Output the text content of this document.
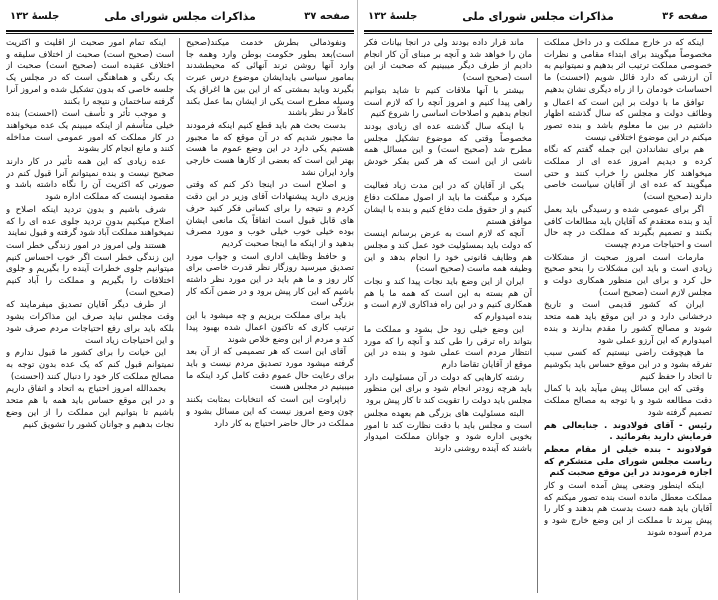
صفحه ۳۷
مذاکرات مجلس شورای ملی
جلسهٔ ۱۳۲

ونفوذمالی بطرش خدمت میکند(صحیح است)بعد بطور حکومت بوطن وارد وهمه جا وارد آنها روشن ترند آنهائی که محیطشدند بمامور سیاسی بایدایشان موضوع درس عبرت بگیرند وباید بمشتی که از این بین ها اغراق یک وسیله مطرح است یکی از ایشان بما عمل بکند کاملاً در نظر باشند

بدست بحث هم باید قطع کنیم اینکه فرمودند ما مجبور شدیم که در آن موقع که ما مجبور هستیم یکی دارد در این وضع عموم ما هست بهتر این است که بعضی از کارها هست خارجی وارد ایران نشد

و اصلاح است در اینجا ذکر کنم که وقتی وزیری دارید پیشنهادات آقای وزیر در این دقت کردم و نتیجه را برای کسانی فکر کنید حرف های قابل قبول است اتفاقاً یک مانعی ایشان بوده خیلی خوب خیلی خوب و مورد مصرف بدهید و از اینکه ما اینجا صحبت کردیم

و حافظ وظایف اداری است و جواب مورد تصدیق میرسید روزگار نظر قدرت خاصی برای کار روز و ما هم باید در این مورد نظر داشته باشیم که این کار پیش برود و در ضمن آنکه کار بزرگی است

باید برای مملکت بریزیم و چه میشود با این ترتیب کاری که تاکنون اعمال شده بهبود پیدا کند و مردم از این وضع خلاص شوند

آقای این است که هر تصمیمی که از آن بعد گرفته میشود مورد تصدیق مردم نیست و باید برای رعایت حال عموم دقت کامل کرد اینکه ما میبینیم در مجلس هست

زاپراوت این است که انتخابات بمثابت بکنند چون وضع امروز نیست که این مسائل بشود و مملکت در حال حاضر احتیاج به کار دارد

اینکه تمام امور صحبت از اقلیت و اکثریت است (صحیح است) صحبت از اختلاف سلیقه و اختلاف عقیده است (صحیح است) صحبت از یک رنگی و هماهنگی است که در مجلس یک جلسه خاصی که بدون تشکیل شده و امروز آنرا گرفته ساختمان و نتیجه را بکنند

و موجب تأثر و تأسف است (احسنت) بنده خیلی متأسفم از اینکه میبینم یک عده میخواهند در کار مملکت که امور عمومی است مداخله کنند و مانع انجام کار بشوند

عده زیادی که این همه تأثیر در کار دارند صحیح نیست و بنده نمیتوانم آنرا قبول کنم در صورتی که اکثریت آن را نگاه داشته باشد و مقصود اینست که مملکت اداره شود

شرف باشیم و بدون تردید اینکه اصلاح و اصلاح میکنیم بدون تردید جلوی عده ای را که نمیخواهند مملکت آباد شود گرفته و قبول نمایند

هستند ولی امروز در امور زندگی خطر است این زندگی خطر است اگر خوب احساس کنیم میتوانیم جلوی خطرات آینده را بگیریم و جلوی اختلافات را بگیریم و مملکت را آباد کنیم (صحیح است)

از طرف دیگر آقایان تصدیق میفرمایند که وقت مجلس نباید صرف این مذاکرات بشود بلکه باید برای رفع احتیاجات مردم صرف شود و این احتیاجات زیاد است

این خیانت را برای کشور ما قبول ندارم و نمیتوانم قبول کنم که یک عده بدون توجه به مصالح مملکت کار خود را دنبال کنند (احسنت)

بحمدالله امروز احتیاج به اتحاد و اتفاق داریم و در این موقع حساس باید همه با هم متحد باشیم تا بتوانیم این مملکت را از این وضع نجات بدهیم و جوانان کشور را تشویق کنیم

صفحه ۳۶
مذاکرات مجلس شورای ملی
جلسهٔ ۱۳۲

اینکه که در خارج مملکت و در داخل مملکت مخصوصاً میگویند برای ابتداء مقامی و نظرات خصوصی مملکت ترتیب اثر بدهیم و نمیتوانیم به آن ارزشی که دارد قائل شویم (احسنت) ما احساسات خودمان را از راه دیگری نشان بدهیم

توافق ما با دولت بر این است که اعمال و وظائف دولت و مجلس که سال گذشته اظهار داشتیم در بین ما معلوم باشد و بنده تصور میکنم در این موضوع اختلافی نیست

هم برای نشاندادن این جمله گفتم که نگاه کرده و دیدیم امروز عده ای از مملکت میخواهند کار مجلس را خراب کنند و حتی میگویند که عده ای از آقایان سیاست خاصی دارند (صحیح است)

اگر برای عمومی شده و رسیدگی باید بعمل آید و بنده معتقدم که آقایان باید مطالعات کافی بکنند و تصمیم بگیرند که مملکت در چه حال است و احتیاجات مردم چیست

مارمات است امروز صحبت از مشکلات زیادی است و باید این مشکلات را بنحو صحیح حل کرد و برای این منظور همکاری دولت و مجلس لازم است (صحیح است)

ایران که کشور قدیمی است و تاریخ درخشانی دارد و در این موقع باید همه متحد شوند و مصالح کشور را مقدم بدارند و بنده امیدوارم که این آرزو عملی شود

ما هیچوقت راضی نیستیم که کسی سبب تفرقه بشود و در این موقع حساس باید بکوشیم تا اتحاد را حفظ کنیم

وقتی که این مسائل پیش میآید باید با کمال دقت مطالعه شود و با توجه به مصالح مملکت تصمیم گرفته شود

رئیس - آقای فولادوند . جنابعالی هم فرمایش دارید بفرمائید .

فولادوند - بنده خیلی از مقام معظم ریاست مجلس شورای ملی متشکرم که اجازه فرمودند در این موقع صحبت کنم

اینکه اینطور وضعی پیش آمده است و کار مملکت معطل مانده است بنده تصور میکنم که آقایان باید همه دست بدست هم بدهند و کار را پیش ببرند تا مملکت از این وضع خارج شود و مردم آسوده شوند

ماند قرار داده بودند ولی در آنجا بیانات فکر مان را خواهد شد و آنچه بر مبنای آن کار انجام دادیم از طرف دیگر میبینیم که صحبت از این است (صحیح است)

بیشتر با آنها ملاقات کنیم تا شاید بتوانیم راهی پیدا کنیم و امروز آنچه را که لازم است انجام بدهیم و اصلاحات اساسی را شروع کنیم

با اینکه سال گذشته عده ای زیادی بودند مخصوصاً وقتی که موضوع تشکیل مجلس مطرح شد (صحیح است) و این مسائل همه ناشی از این است که هر کس بفکر خودش است

یکی از آقایان که در این مدت زیاد فعالیت میکرد و میگفت ما باید از اصول مملکت دفاع کنیم و از حقوق ملت دفاع کنیم و بنده با ایشان موافق هستم

آنچه که لازم است به عرض برسانم اینست که دولت باید بمسئولیت خود عمل کند و مجلس هم وظایف قانونی خود را انجام بدهد و این وظیفه همه ماست (صحیح است)

ایران از این وضع باید نجات پیدا کند و نجات آن هم بسته به این است که همه ما با هم همکاری کنیم و در این راه فداکاری لازم است و بنده امیدوارم که

این وضع خیلی زود حل بشود و مملکت ما بتواند راه ترقی را طی کند و آنچه را که مورد انتظار مردم است عملی شود و بنده در این موقع از آقایان تقاضا دارم

رشته کارهایی که دولت در آن مسئولیت دارد باید هرچه زودتر انجام شود و برای این منظور مجلس باید دولت را تقویت کند تا کار پیش برود

البته مسئولیت های بزرگی هم بعهده مجلس است و مجلس باید با دقت نظارت کند تا امور بخوبی اداره شود و جوانان مملکت امیدوار باشند که آینده روشنی دارند
